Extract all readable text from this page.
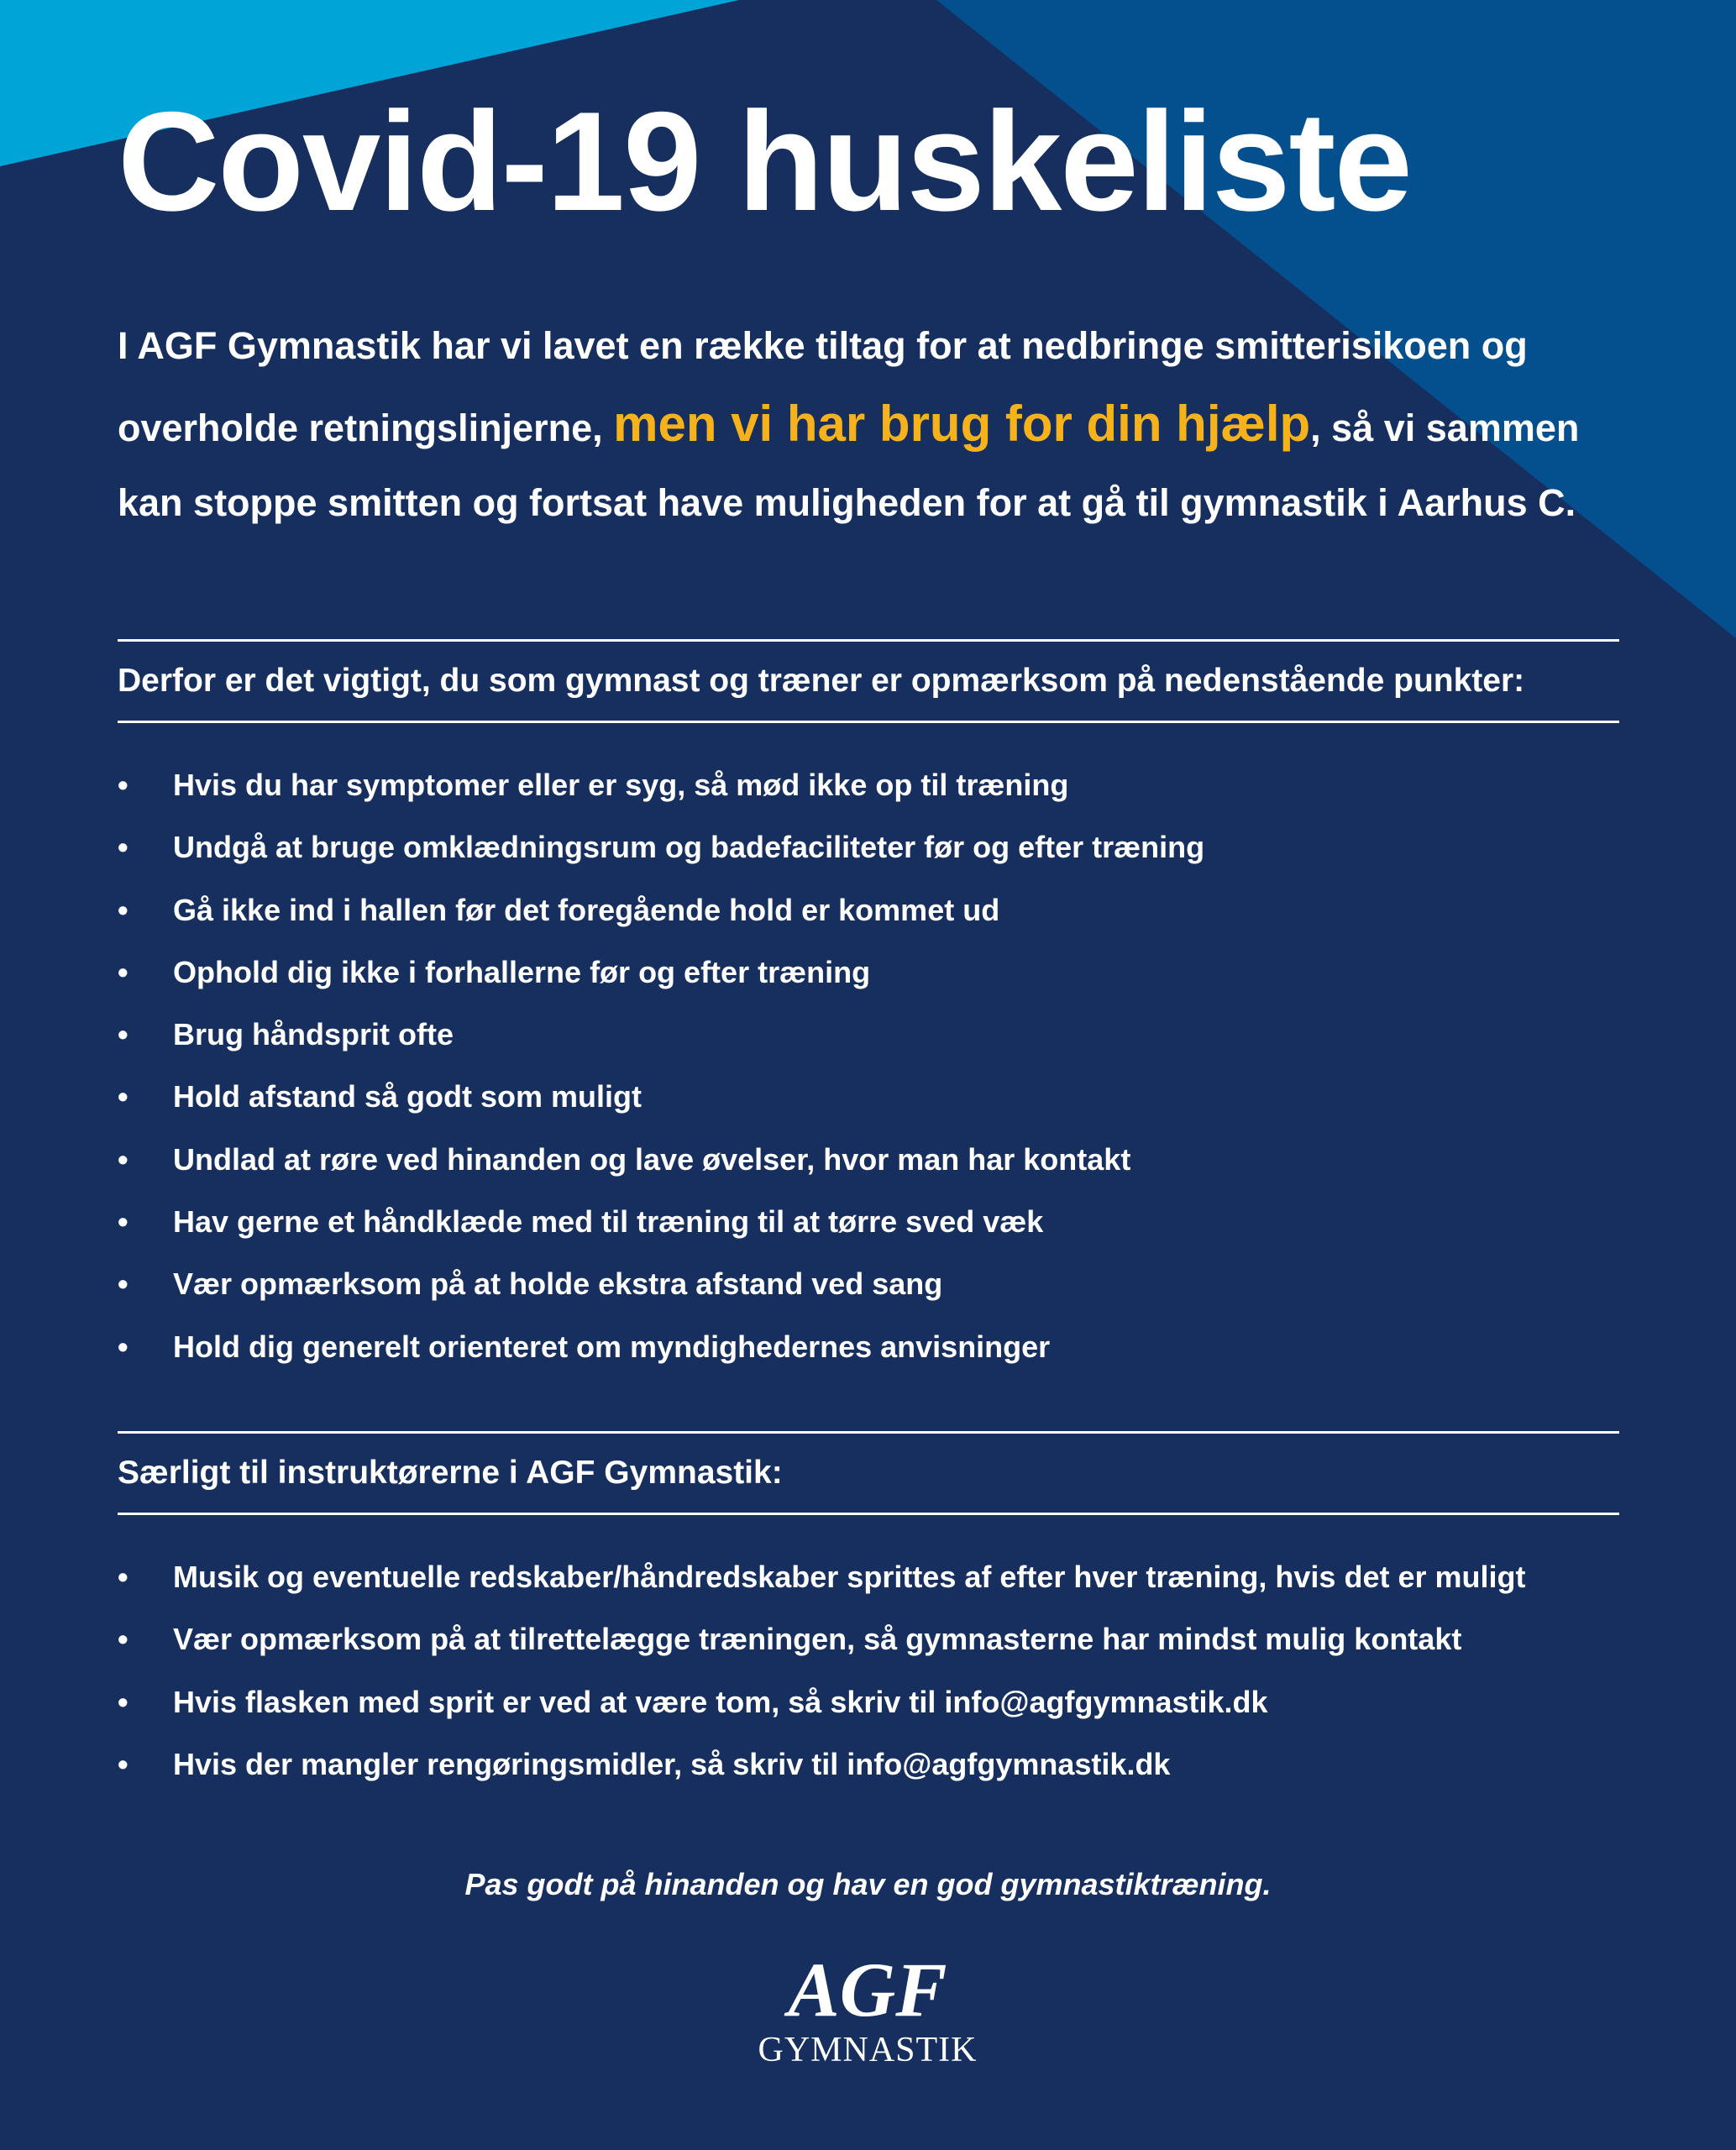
Covid-19 huskeliste

I AGF Gymnastik har vi lavet en række tiltag for at nedbringe smitterisikoen og overholde retningslinjerne, men vi har brug for din hjælp, så vi sammen kan stoppe smitten og fortsat have muligheden for at gå til gymnastik i Aarhus C.

Derfor er det vigtigt, du som gymnast og træner er opmærksom på nedenstående punkter:
• Hvis du har symptomer eller er syg, så mød ikke op til træning
• Undgå at bruge omklædningsrum og badefaciliteter før og efter træning
• Gå ikke ind i hallen før det foregående hold er kommet ud
• Ophold dig ikke i forhallerne før og efter træning
• Brug håndsprit ofte
• Hold afstand så godt som muligt
• Undlad at røre ved hinanden og lave øvelser, hvor man har kontakt
• Hav gerne et håndklæde med til træning til at tørre sved væk
• Vær opmærksom på at holde ekstra afstand ved sang
• Hold dig generelt orienteret om myndighedernes anvisninger
Særligt til instruktørerne i AGF Gymnastik:
• Musik og eventuelle redskaber/håndredskaber sprittes af efter hver træning, hvis det er muligt
• Vær opmærksom på at tilrettelægge træningen, så gymnasterne har mindst mulig kontakt
• Hvis flasken med sprit er ved at være tom, så skriv til info@agfgymnastik.dk
• Hvis der mangler rengøringsmidler, så skriv til info@agfgymnastik.dk

Pas godt på hinanden og hav en god gymnastiktræning.

AGF
GYMNASTIK
